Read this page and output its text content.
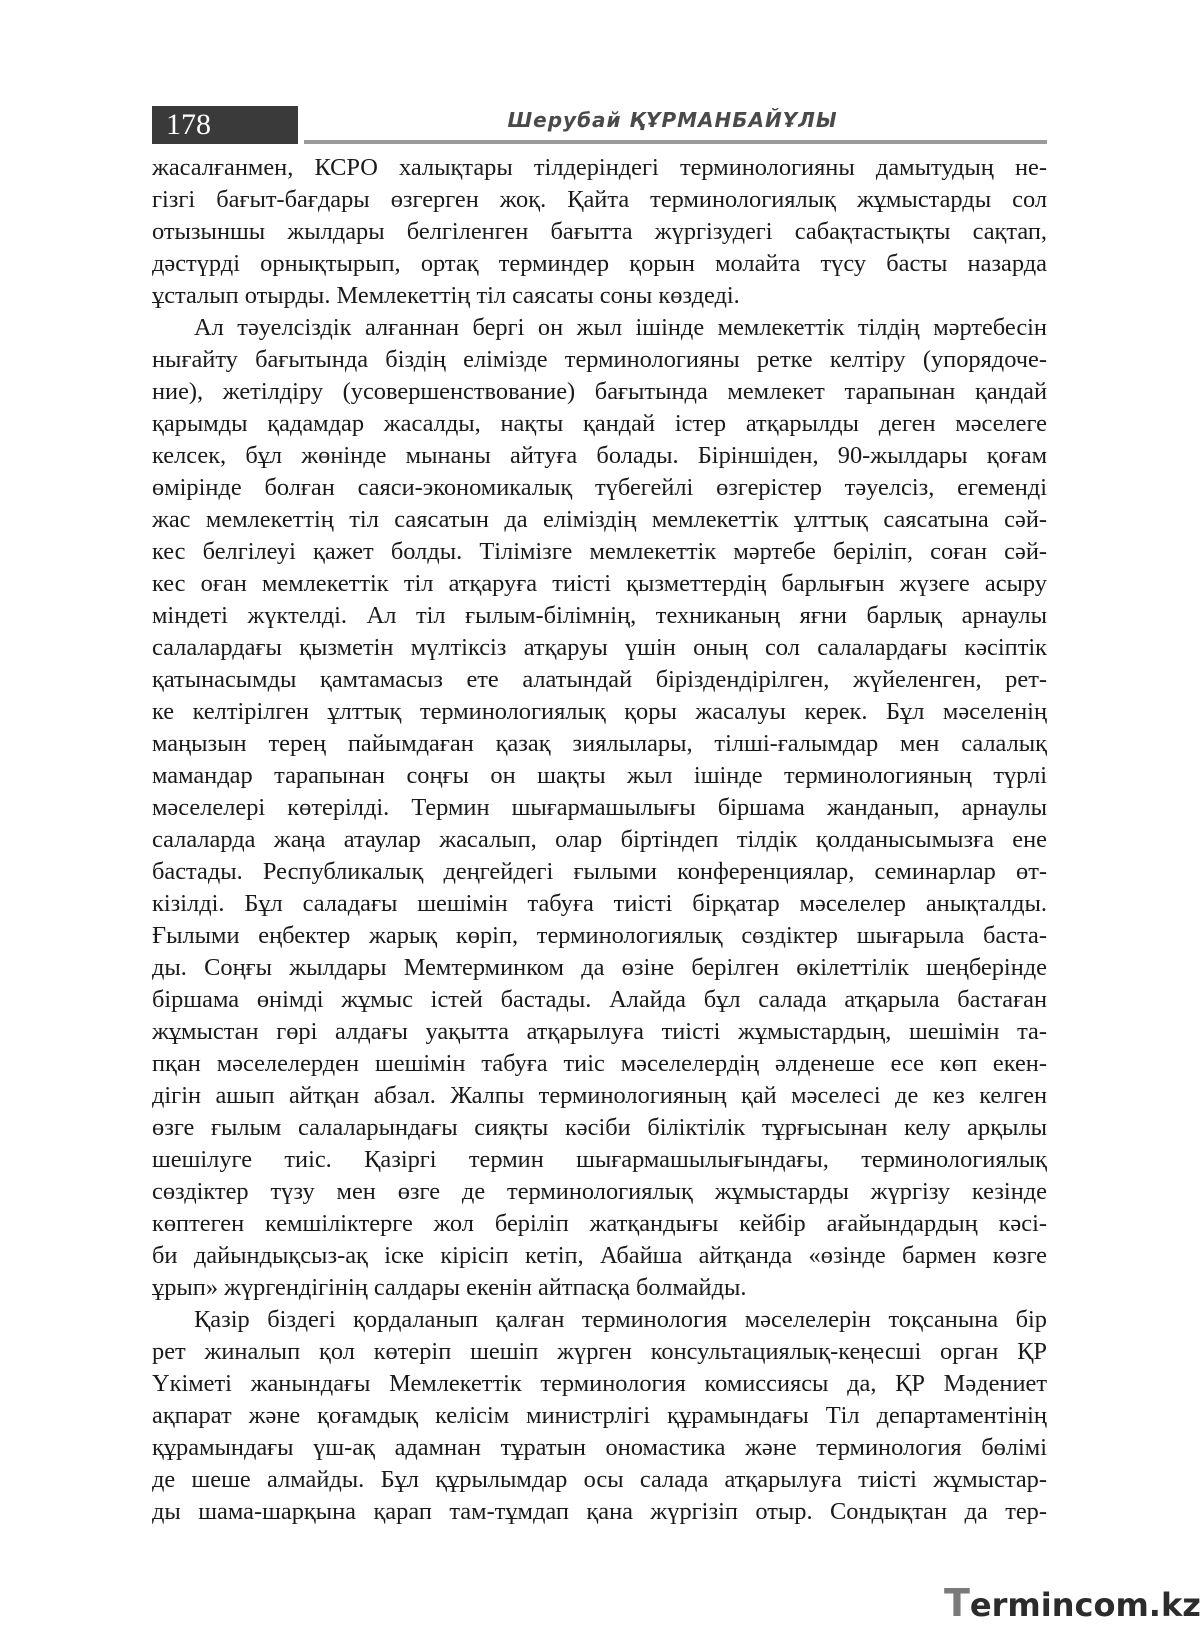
178	Шерубай ҚҰРМАНБАЙҰЛЫ

жасалғанмен, КСРО халықтары тілдеріндегі терминологияны дамытудың не-
гізгі бағыт-бағдары өзгерген жоқ. Қайта терминологиялық жұмыстарды сол
отызыншы жылдары белгіленген бағытта жүргізудегі сабақтастықты сақтап,
дәстүрді орнықтырып, ортақ терминдер қорын молайта түсу басты назарда
ұсталып отырды. Мемлекеттің тіл саясаты соны көздеді.

Ал тәуелсіздік алғаннан бергі он жыл ішінде мемлекеттік тілдің мәртебесін
нығайту бағытында біздің елімізде терминологияны ретке келтіру (упорядоче-
ние), жетілдіру (усовершенствование) бағытында мемлекет тарапынан қандай
қарымды қадамдар жасалды, нақты қандай істер атқарылды деген мәселеге
келсек, бұл жөнінде мынаны айтуға болады. Біріншіден, 90-жылдары қоғам
өмірінде болған саяси-экономикалық түбегейлі өзгерістер тәуелсіз, егеменді
жас мемлекеттің тіл саясатын да еліміздің мемлекеттік ұлттық саясатына сәй-
кес белгілеуі қажет болды. Тілімізге мемлекеттік мәртебе беріліп, соған сәй-
кес оған мемлекеттік тіл атқаруға тиісті қызметтердің барлығын жүзеге асыру
міндеті жүктелді. Ал тіл ғылым-білімнің, техниканың яғни барлық арнаулы
салалардағы қызметін мүлтіксіз атқаруы үшін оның сол салалардағы кәсіптік
қатынасымды қамтамасыз ете алатындай біріздендірілген, жүйеленген, рет-
ке келтірілген ұлттық терминологиялық қоры жасалуы керек. Бұл мәселенің
маңызын терең пайымдаған қазақ зиялылары, тілші-ғалымдар мен салалық
мамандар тарапынан соңғы он шақты жыл ішінде терминологияның түрлі
мәселелері көтерілді. Термин шығармашылығы біршама жанданып, арнаулы
салаларда жаңа атаулар жасалып, олар біртіндеп тілдік қолданысымызға ене
бастады. Республикалық деңгейдегі ғылыми конференциялар, семинарлар өт-
кізілді. Бұл саладағы шешімін табуға тиісті бірқатар мәселелер анықталды.
Ғылыми еңбектер жарық көріп, терминологиялық сөздіктер шығарыла баста-
ды. Соңғы жылдары Мемтерминком да өзіне берілген өкілеттілік шеңберінде
біршама өнімді жұмыс істей бастады. Алайда бұл салада атқарыла бастаған
жұмыстан гөрі алдағы уақытта атқарылуға тиісті жұмыстардың, шешімін та-
пқан мәселелерден шешімін табуға тиіс мәселелердің әлденеше есе көп екен-
дігін ашып айтқан абзал. Жалпы терминологияның қай мәселесі де кез келген
өзге ғылым салаларындағы сияқты кәсіби біліктілік тұрғысынан келу арқылы
шешілуге тиіс. Қазіргі термин шығармашылығындағы, терминологиялық
сөздіктер түзу мен өзге де терминологиялық жұмыстарды жүргізу кезінде
көптеген кемшіліктерге жол беріліп жатқандығы кейбір ағайындардың кәсі-
би дайындықсыз-ақ іске кірісіп кетіп, Абайша айтқанда «өзінде бармен көзге
ұрып» жүргендігінің салдары екенін айтпасқа болмайды.

Қазір біздегі қордаланып қалған терминология мәселелерін тоқсанына бір
рет жиналып қол көтеріп шешіп жүрген консультациялық-кеңесші орган ҚР
Үкіметі жанындағы Мемлекеттік терминология комиссиясы да, ҚР Мәдениет
ақпарат және қоғамдық келісім министрлігі құрамындағы Тіл департаментінің
құрамындағы үш-ақ адамнан тұратын ономастика және терминология бөлімі
де шеше алмайды. Бұл құрылымдар осы салада атқарылуға тиісті жұмыстар-
ды шама-шарқына қарап там-тұмдап қана жүргізіп отыр. Сондықтан да тер-

Termincom.kz
